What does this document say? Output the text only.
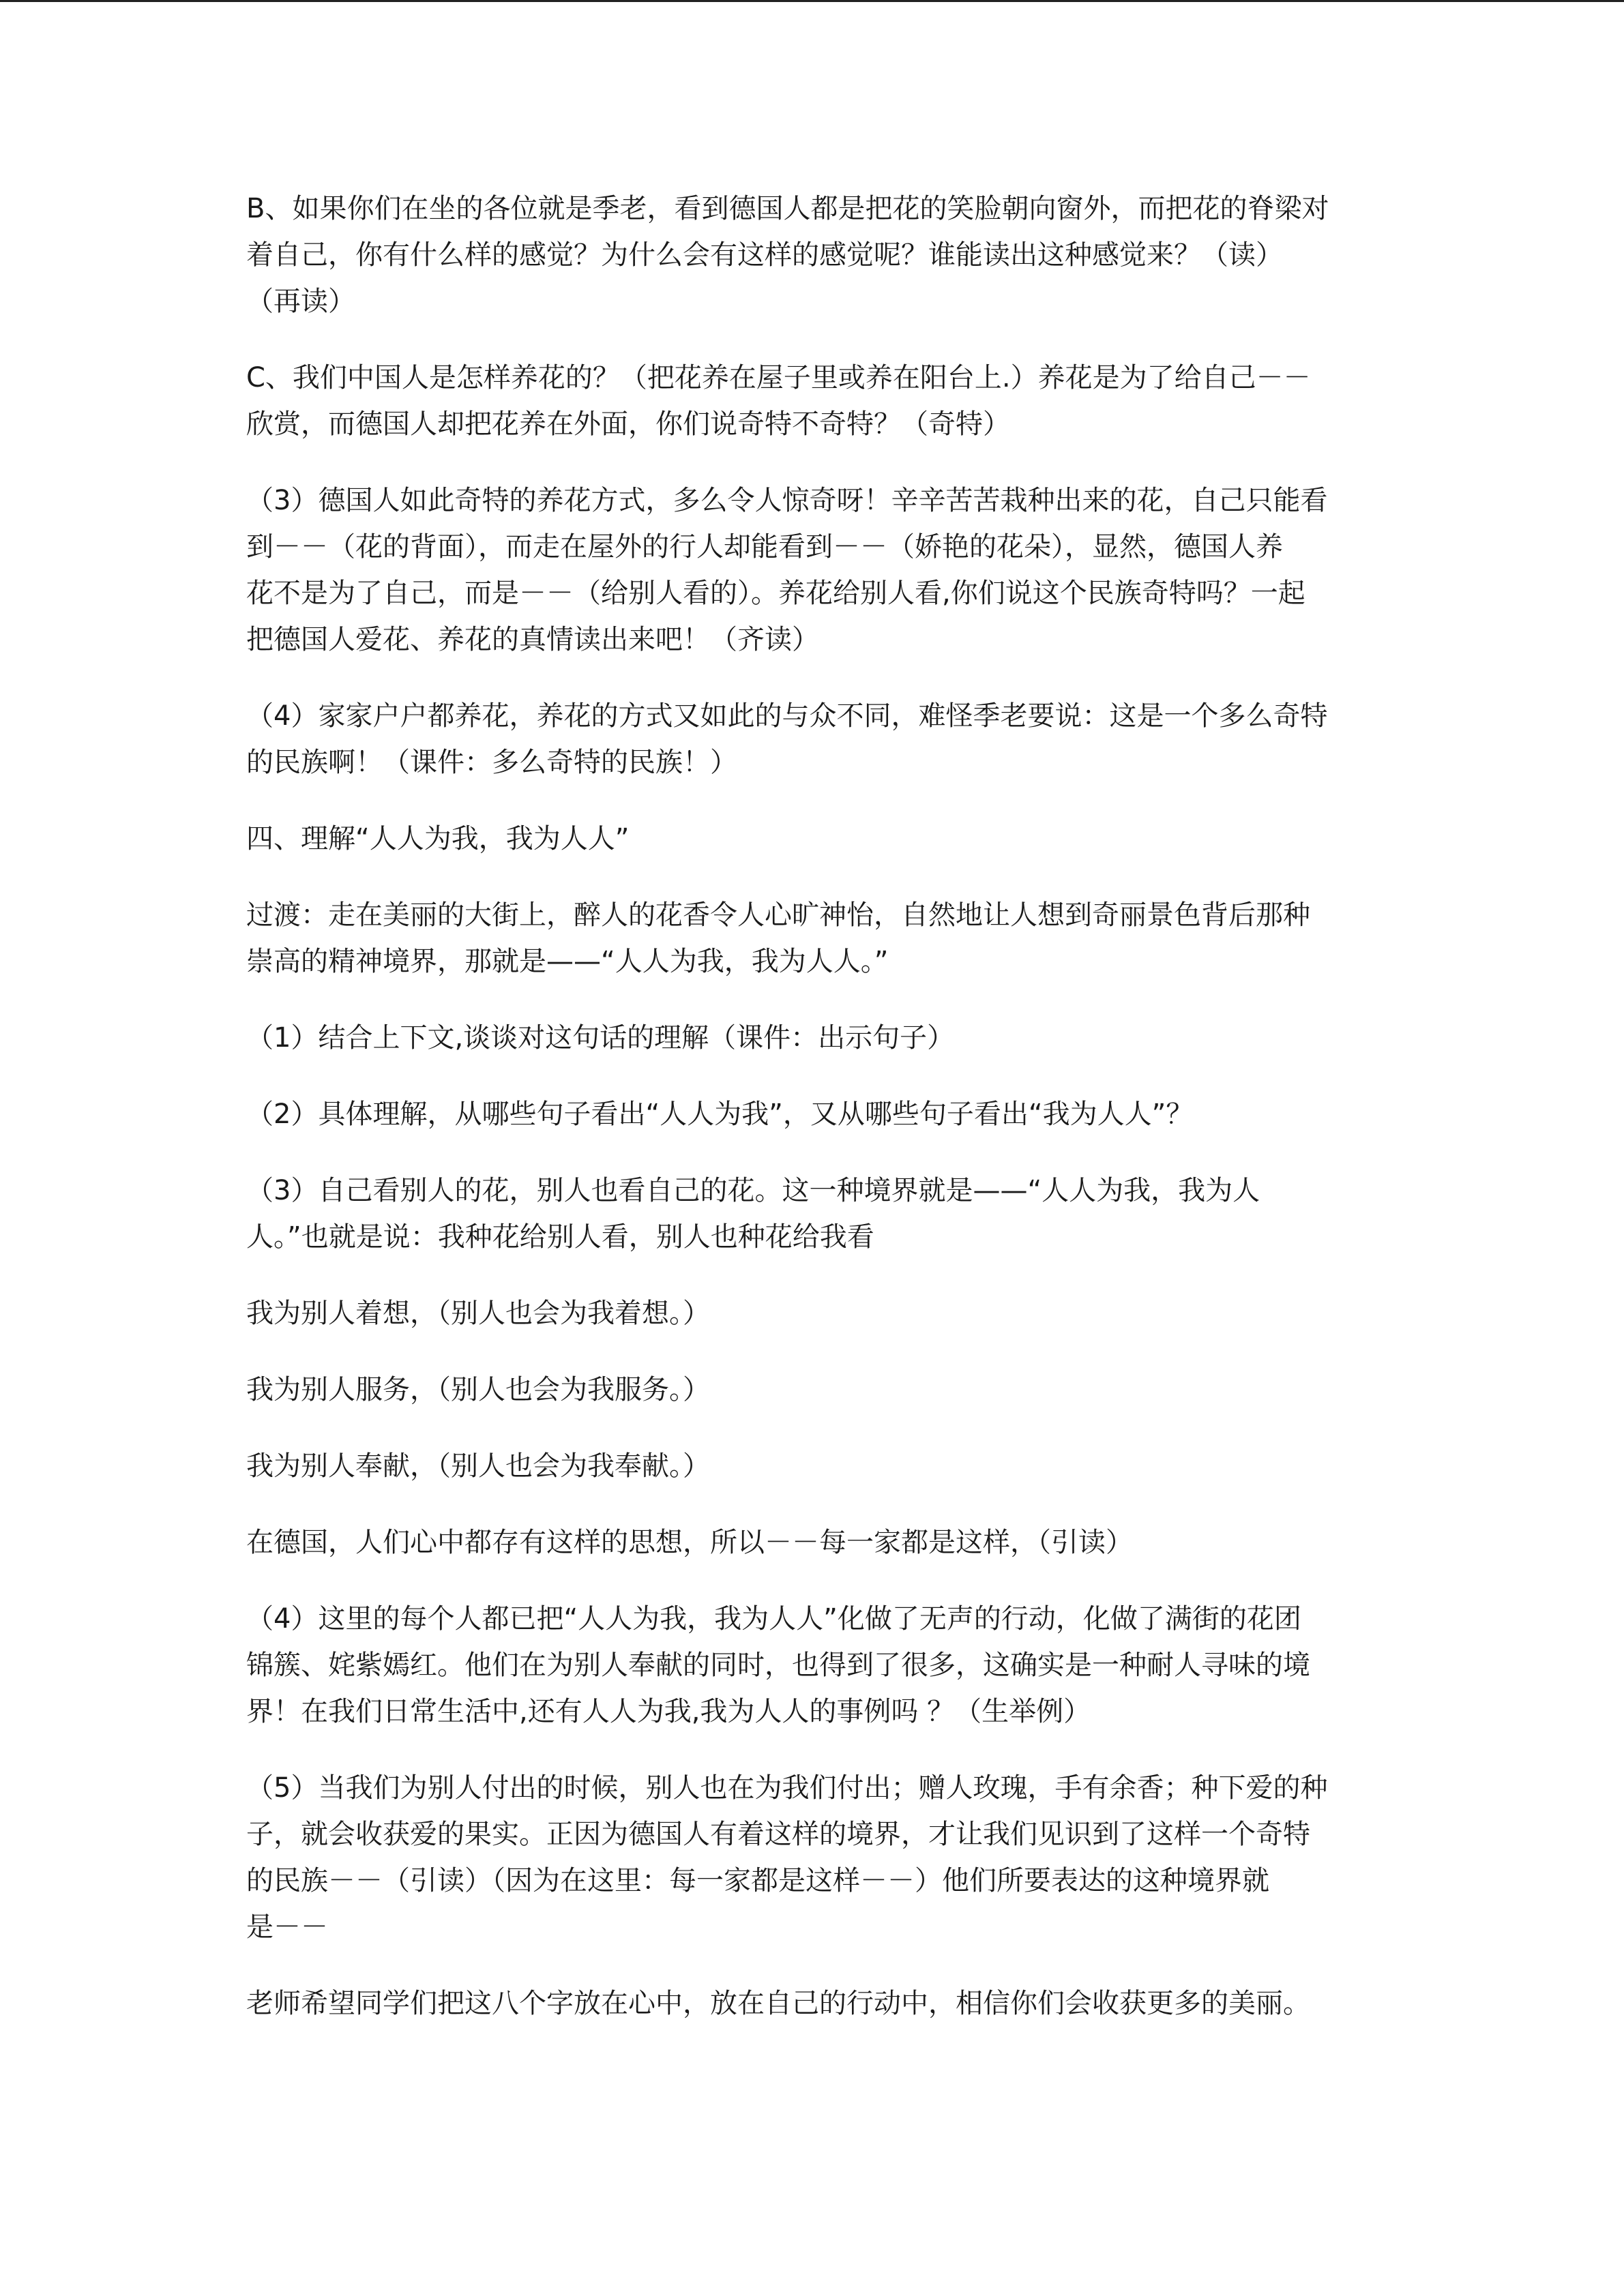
B、如果你们在坐的各位就是季老，看到德国人都是把花的笑脸朝向窗外，而把花的脊梁对
着自己，你有什么样的感觉？为什么会有这样的感觉呢？谁能读出这种感觉来？（读）
（再读）

C、我们中国人是怎样养花的？（把花养在屋子里或养在阳台上.）养花是为了给自己－－
欣赏，而德国人却把花养在外面，你们说奇特不奇特？（奇特）

（3）德国人如此奇特的养花方式，多么令人惊奇呀！辛辛苦苦栽种出来的花，自己只能看
到－－（花的背面），而走在屋外的行人却能看到－－（娇艳的花朵），显然，德国人养
花不是为了自己，而是－－（给别人看的）。养花给别人看,你们说这个民族奇特吗？一起
把德国人爱花、养花的真情读出来吧！（齐读）

（4）家家户户都养花，养花的方式又如此的与众不同，难怪季老要说：这是一个多么奇特
的民族啊！（课件：多么奇特的民族！）

四、理解“人人为我，我为人人”

过渡：走在美丽的大街上，醉人的花香令人心旷神怡，自然地让人想到奇丽景色背后那种
崇高的精神境界，那就是——“人人为我，我为人人。”

（1）结合上下文,谈谈对这句话的理解（课件：出示句子）

（2）具体理解，从哪些句子看出“人人为我”，又从哪些句子看出“我为人人”？

（3）自己看别人的花，别人也看自己的花。这一种境界就是——“人人为我，我为人
人。”也就是说：我种花给别人看，别人也种花给我看

我为别人着想，（别人也会为我着想。）

我为别人服务，（别人也会为我服务。）

我为别人奉献，（别人也会为我奉献。）

在德国，人们心中都存有这样的思想，所以－－每一家都是这样，（引读）

（4）这里的每个人都已把“人人为我，我为人人”化做了无声的行动，化做了满街的花团
锦簇、姹紫嫣红。他们在为别人奉献的同时，也得到了很多，这确实是一种耐人寻味的境
界！在我们日常生活中,还有人人为我,我为人人的事例吗 ？（生举例）

（5）当我们为别人付出的时候，别人也在为我们付出；赠人玫瑰，手有余香；种下爱的种
子，就会收获爱的果实。正因为德国人有着这样的境界，才让我们见识到了这样一个奇特
的民族－－（引读）（因为在这里：每一家都是这样－－）他们所要表达的这种境界就
是－－

老师希望同学们把这八个字放在心中，放在自己的行动中，相信你们会收获更多的美丽。
